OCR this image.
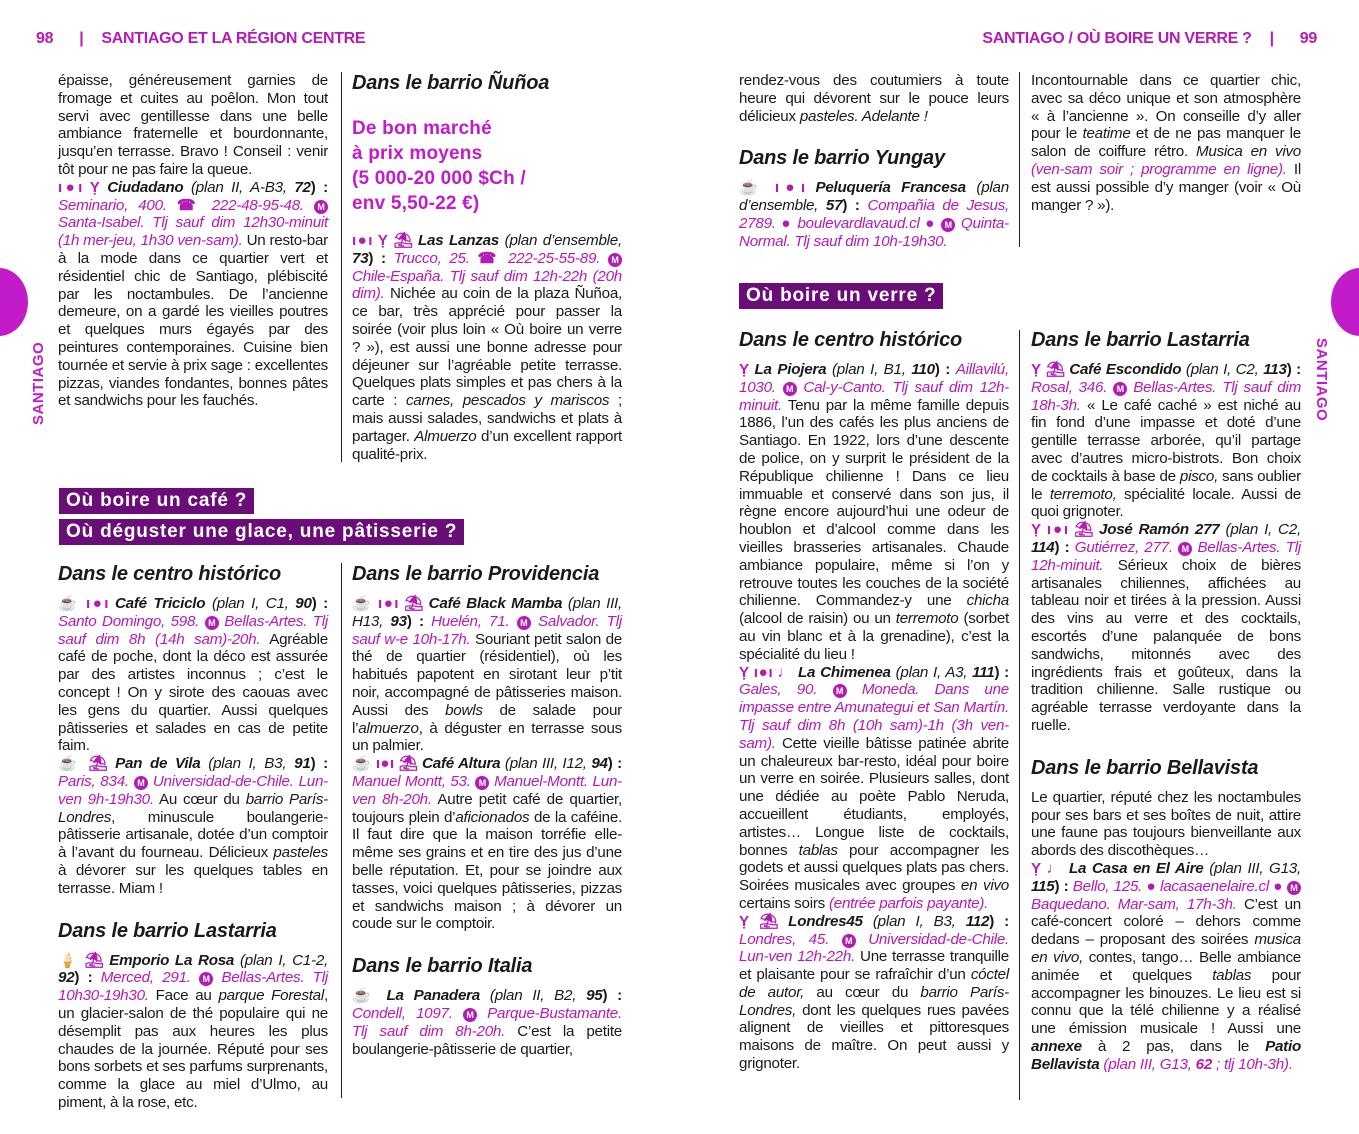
98 | SANTIAGO ET LA RÉGION CENTRE	SANTIAGO / OÙ BOIRE UN VERRE ? | 99
SANTIAGO	SANTIAGO

épaisse, généreusement garnies de fromage et cuites au poêlon. Mon tout servi avec gentillesse dans une belle ambiance fraternelle et bourdonnante, jusqu’en terrasse. Bravo ! Conseil : venir tôt pour ne pas faire la queue.

ı●ı Ỵ Ciudadano (plan II, A-B3, 72) : Seminario, 400. ☎ 222-48-95-48. M Santa-Isabel. Tlj sauf dim 12h30-minuit (1h mer-jeu, 1h30 ven-sam). Un resto-bar à la mode dans ce quartier vert et résidentiel chic de Santiago, plébiscité par les noctambules. De l’ancienne demeure, on a gardé les vieilles poutres et quelques murs égayés par des peintures contemporaines. Cuisine bien tournée et servie à prix sage : excellentes pizzas, viandes fondantes, bonnes pâtes et sandwichs pour les fauchés.

Dans le barrio Ñuñoa
De bon marché
à prix moyens
(5 000-20 000 $Ch /
env 5,50-22 €)

ı●ı Ỵ ⛱ Las Lanzas (plan d’ensemble, 73) : Trucco, 25. ☎ 222-25-55-89. M Chile-España. Tlj sauf dim 12h-22h (20h dim). Nichée au coin de la plaza Ñuñoa, ce bar, très apprécié pour passer la soirée (voir plus loin « Où boire un verre ? »), est aussi une bonne adresse pour déjeuner sur l’agréable petite terrasse. Quelques plats simples et pas chers à la carte : carnes, pescados y mariscos ; mais aussi salades, sandwichs et plats à partager. Almuerzo d’un excellent rapport qualité-prix.

Où boire un café ?
Où déguster une glace, une pâtisserie ?
Dans le centro histórico

☕ ı●ı Café Triciclo (plan I, C1, 90) : Santo Domingo, 598. M Bellas-Artes. Tlj sauf dim 8h (14h sam)-20h. Agréable café de poche, dont la déco est assurée par des artistes inconnus ; c’est le concept ! On y sirote des caouas avec les gens du quartier. Aussi quelques pâtisseries et salades en cas de petite faim.

☕ ⛱ Pan de Vila (plan I, B3, 91) : Paris, 834. M Universidad-de-Chile. Lun-ven 9h-19h30. Au cœur du barrio París-Londres, minuscule boulangerie-pâtisserie artisanale, dotée d’un comptoir à l’avant du fourneau. Délicieux pasteles à dévorer sur les quelques tables en terrasse. Miam !

Dans le barrio Lastarria

🍦 ⛱ Emporio La Rosa (plan I, C1-2, 92) : Merced, 291. M Bellas-Artes. Tlj 10h30-19h30. Face au parque Forestal, un glacier-salon de thé populaire qui ne désemplit pas aux heures les plus chaudes de la journée. Réputé pour ses bons sorbets et ses parfums surprenants, comme la glace au miel d’Ulmo, au piment, à la rose, etc.

Dans le barrio Providencia

☕ ı●ı ⛱ Café Black Mamba (plan III, H13, 93) : Huelén, 71. M Salvador. Tlj sauf w-e 10h-17h. Souriant petit salon de thé de quartier (résidentiel), où les habitués papotent en sirotant leur p’tit noir, accompagné de pâtisseries maison. Aussi des bowls de salade pour l’almuerzo, à déguster en terrasse sous un palmier.

☕ ı●ı ⛱ Café Altura (plan III, I12, 94) : Manuel Montt, 53. M Manuel-Montt. Lun-ven 8h-20h. Autre petit café de quartier, toujours plein d’aficionados de la caféine. Il faut dire que la maison torréfie elle-même ses grains et en tire des jus d’une belle réputation. Et, pour se joindre aux tasses, voici quelques pâtisseries, pizzas et sandwichs maison ; à dévorer un coude sur le comptoir.

Dans le barrio Italia

☕ La Panadera (plan II, B2, 95) : Condell, 1097. M Parque-Bustamante. Tlj sauf dim 8h-20h. C’est la petite boulangerie-pâtisserie de quartier,

rendez-vous des coutumiers à toute heure qui dévorent sur le pouce leurs délicieux pasteles. Adelante !

Dans le barrio Yungay

☕ ı●ı Peluquería Francesa (plan d’ensemble, 57) : Compañia de Jesus, 2789. ● boulevardlavaud.cl ● M Quinta-Normal. Tlj sauf dim 10h-19h30.

Où boire un verre ?
Dans le centro histórico

Ỵ La Piojera (plan I, B1, 110) : Aillavilú, 1030. M Cal-y-Canto. Tlj sauf dim 12h-minuit. Tenu par la même famille depuis 1886, l’un des cafés les plus anciens de Santiago. En 1922, lors d’une descente de police, on y surprit le président de la République chilienne ! Dans ce lieu immuable et conservé dans son jus, il règne encore aujourd’hui une odeur de houblon et d’alcool comme dans les vieilles brasseries artisanales. Chaude ambiance populaire, même si l’on y retrouve toutes les couches de la société chilienne. Commandez-y une chicha (alcool de raisin) ou un terremoto (sorbet au vin blanc et à la grenadine), c’est la spécialité du lieu !

Ỵ ı●ı ♩ La Chimenea (plan I, A3, 111) : Gales, 90. M Moneda. Dans une impasse entre Amunategui et San Martín. Tlj sauf dim 8h (10h sam)-1h (3h ven-sam). Cette vieille bâtisse patinée abrite un chaleureux bar-resto, idéal pour boire un verre en soirée. Plusieurs salles, dont une dédiée au poète Pablo Neruda, accueillent étudiants, employés, artistes… Longue liste de cocktails, bonnes tablas pour accompagner les godets et aussi quelques plats pas chers. Soirées musicales avec groupes en vivo certains soirs (entrée parfois payante).

Ỵ ⛱ Londres45 (plan I, B3, 112) : Londres, 45. M Universidad-de-Chile. Lun-ven 12h-22h. Une terrasse tranquille et plaisante pour se rafraîchir d’un cóctel de autor, au cœur du barrio París-Londres, dont les quelques rues pavées alignent de vieilles et pittoresques maisons de maître. On peut aussi y grignoter.

Incontournable dans ce quartier chic, avec sa déco unique et son atmosphère « à l’ancienne ». On conseille d’y aller pour le teatime et de ne pas manquer le salon de coiffure rétro. Musica en vivo (ven-sam soir ; programme en ligne). Il est aussi possible d’y manger (voir « Où manger ? »).

Dans le barrio Lastarria

Ỵ ⛱ Café Escondido (plan I, C2, 113) : Rosal, 346. M Bellas-Artes. Tlj sauf dim 18h-3h. « Le café caché » est niché au fin fond d’une impasse et doté d’une gentille terrasse arborée, qu’il partage avec d’autres micro-bistrots. Bon choix de cocktails à base de pisco, sans oublier le terremoto, spécialité locale. Aussi de quoi grignoter.

Ỵ ı●ı ⛱ José Ramón 277 (plan I, C2, 114) : Gutiérrez, 277. M Bellas-Artes. Tlj 12h-minuit. Sérieux choix de bières artisanales chiliennes, affichées au tableau noir et tirées à la pression. Aussi des vins au verre et des cocktails, escortés d’une palanquée de bons sandwichs, mitonnés avec des ingrédients frais et goûteux, dans la tradition chilienne. Salle rustique ou agréable terrasse verdoyante dans la ruelle.

Dans le barrio Bellavista

Le quartier, réputé chez les noctambules pour ses bars et ses boîtes de nuit, attire une faune pas toujours bienveillante aux abords des discothèques…

Ỵ ♩ La Casa en El Aire (plan III, G13, 115) : Bello, 125. ● lacasaenelaire.cl ● M Baquedano. Mar-sam, 17h-3h. C’est un café-concert coloré – dehors comme dedans – proposant des soirées musica en vivo, contes, tango… Belle ambiance animée et quelques tablas pour accompagner les binouzes. Le lieu est si connu que la télé chilienne y a réalisé une émission musicale ! Aussi une annexe à 2 pas, dans le Patio Bellavista (plan III, G13, 62 ; tlj 10h-3h).
